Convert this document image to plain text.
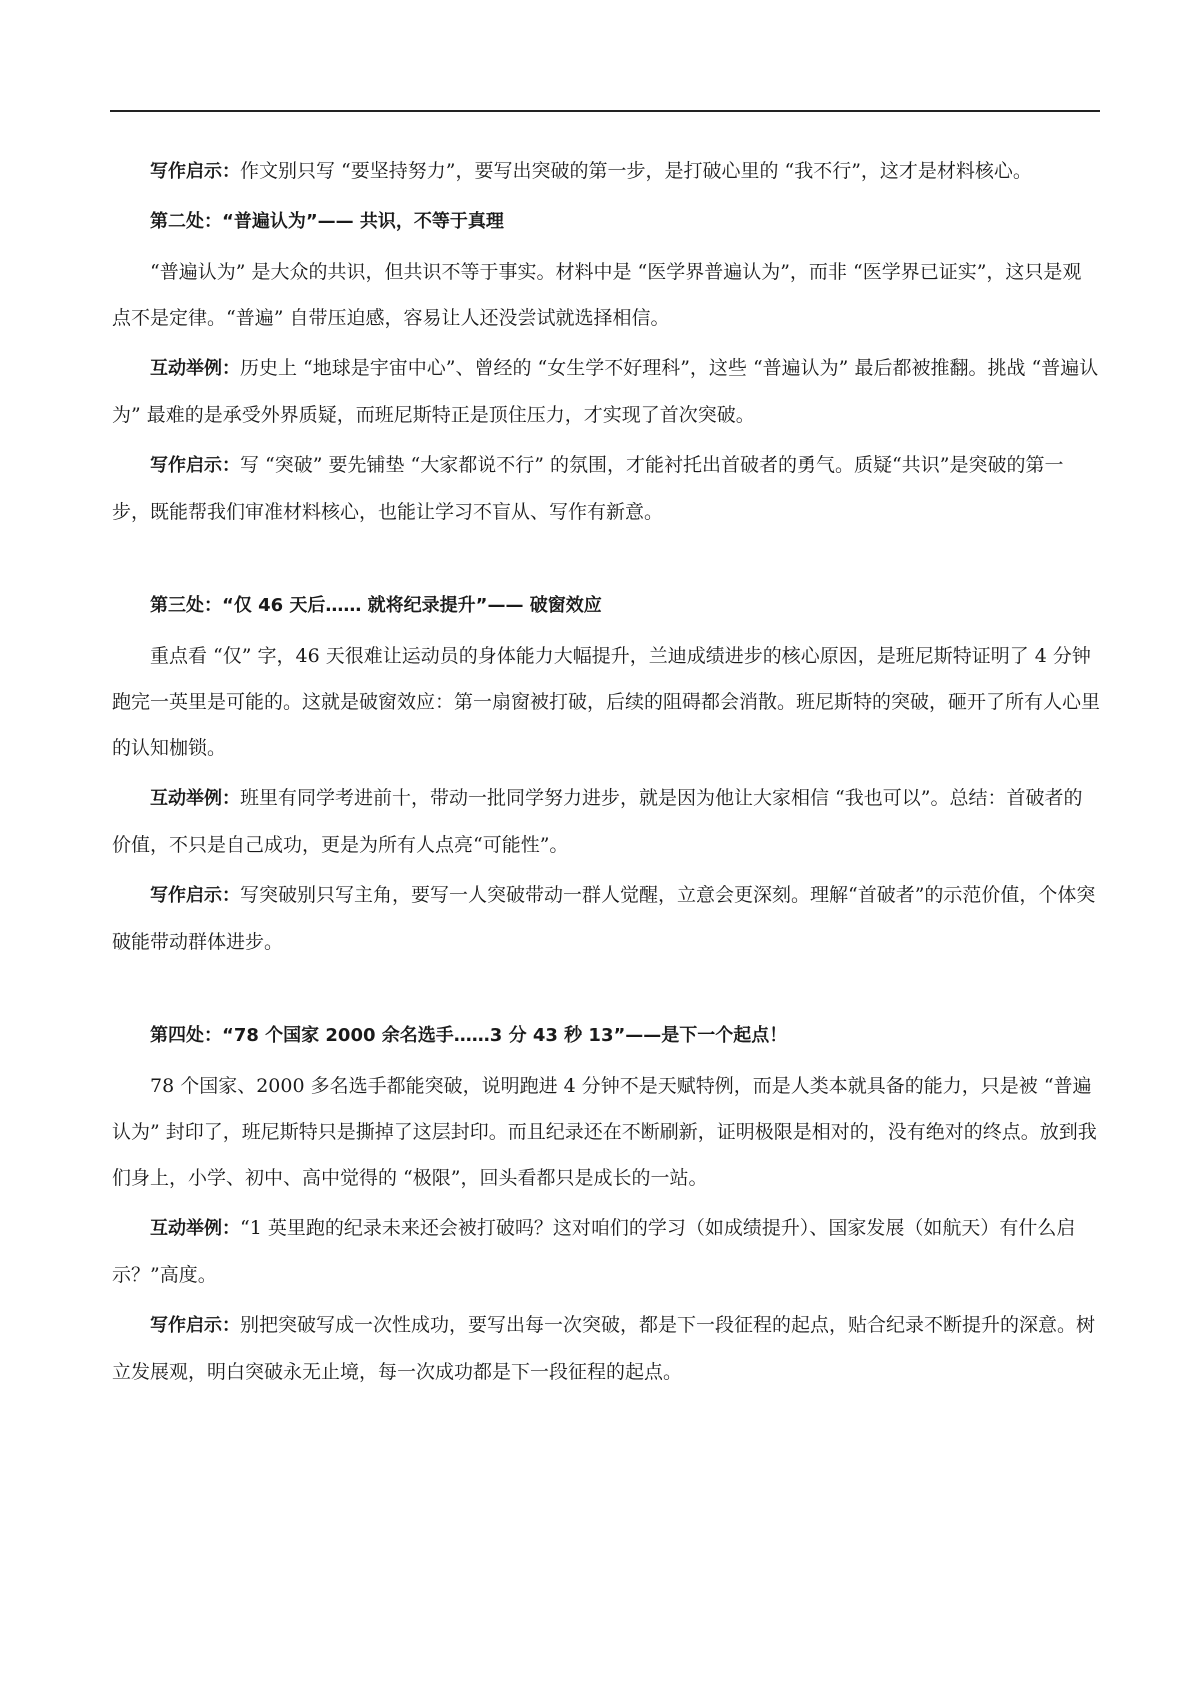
写作启示：作文别只写 “要坚持努力”，要写出突破的第一步，是打破心里的 “我不行”，这才是材料核心。

第二处：“普遍认为”—— 共识，不等于真理

“普遍认为” 是大众的共识，但共识不等于事实。材料中是 “医学界普遍认为”，而非 “医学界已证实”，这只是观点不是定律。“普遍” 自带压迫感，容易让人还没尝试就选择相信。

互动举例：历史上 “地球是宇宙中心”、曾经的 “女生学不好理科”，这些 “普遍认为” 最后都被推翻。挑战 “普遍认为” 最难的是承受外界质疑，而班尼斯特正是顶住压力，才实现了首次突破。

写作启示：写 “突破” 要先铺垫 “大家都说不行” 的氛围，才能衬托出首破者的勇气。质疑“共识”是突破的第一步，既能帮我们审准材料核心，也能让学习不盲从、写作有新意。

第三处：“仅 46 天后…… 就将纪录提升”—— 破窗效应

重点看 “仅” 字，46 天很难让运动员的身体能力大幅提升，兰迪成绩进步的核心原因，是班尼斯特证明了 4 分钟跑完一英里是可能的。这就是破窗效应：第一扇窗被打破，后续的阻碍都会消散。班尼斯特的突破，砸开了所有人心里的认知枷锁。

互动举例：班里有同学考进前十，带动一批同学努力进步，就是因为他让大家相信 “我也可以”。总结：首破者的价值，不只是自己成功，更是为所有人点亮“可能性”。

写作启示：写突破别只写主角，要写一人突破带动一群人觉醒，立意会更深刻。理解“首破者”的示范价值，个体突破能带动群体进步。

第四处：“78 个国家 2000 余名选手……3 分 43 秒 13”——是下一个起点！

78 个国家、2000 多名选手都能突破，说明跑进 4 分钟不是天赋特例，而是人类本就具备的能力，只是被 “普遍认为” 封印了，班尼斯特只是撕掉了这层封印。而且纪录还在不断刷新，证明极限是相对的，没有绝对的终点。放到我们身上，小学、初中、高中觉得的 “极限”，回头看都只是成长的一站。

互动举例：“1 英里跑的纪录未来还会被打破吗？这对咱们的学习（如成绩提升）、国家发展（如航天）有什么启示？”高度。

写作启示：别把突破写成一次性成功，要写出每一次突破，都是下一段征程的起点，贴合纪录不断提升的深意。树立发展观，明白突破永无止境，每一次成功都是下一段征程的起点。
